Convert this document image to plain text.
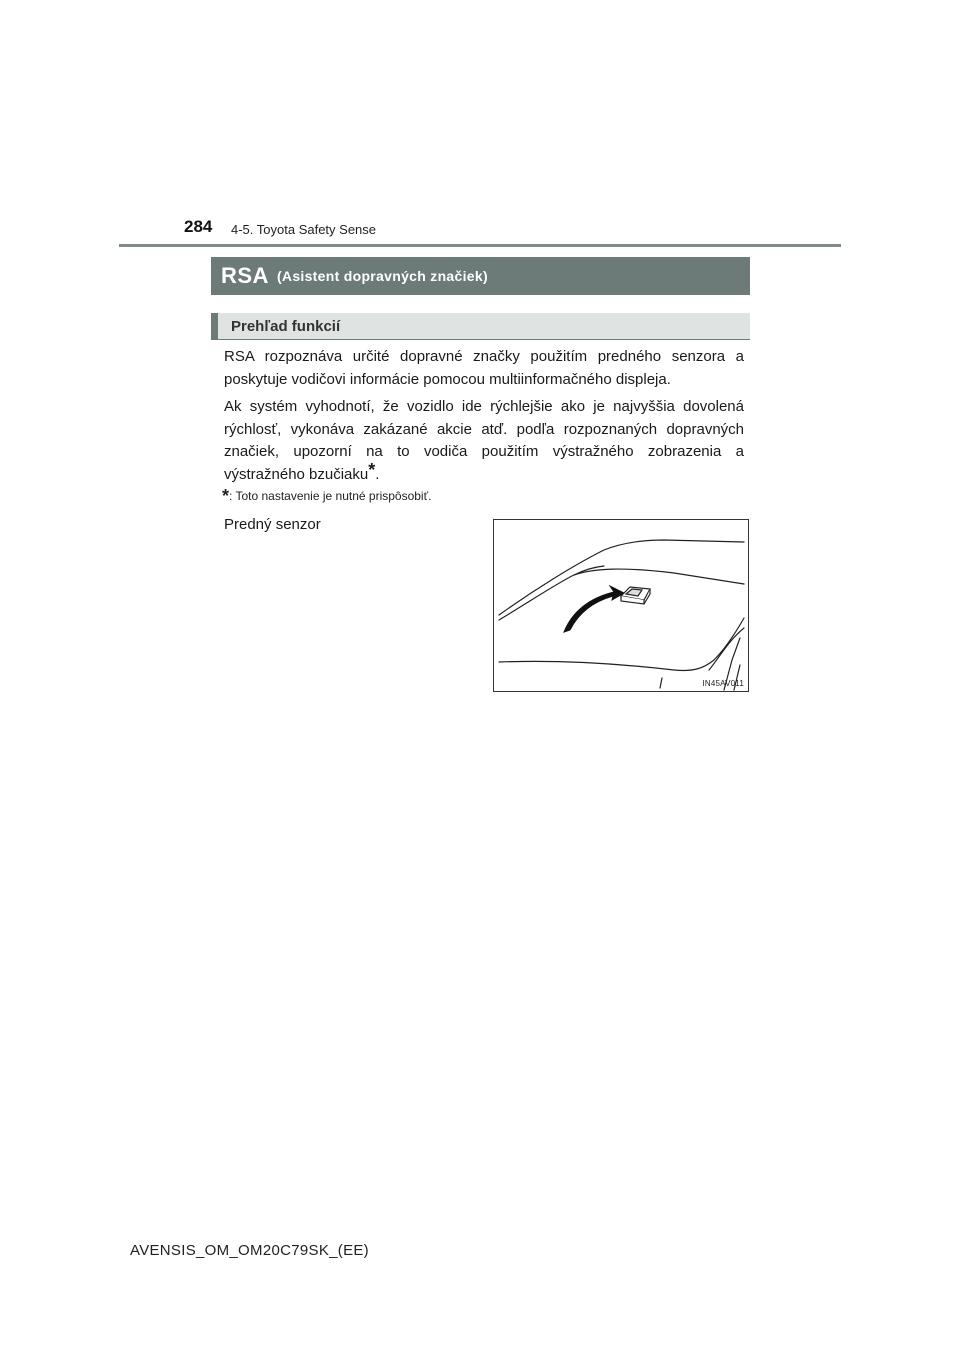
284 4-5. Toyota Safety Sense
RSA (Asistent dopravných značiek)
Prehľad funkcií
RSA rozpoznáva určité dopravné značky použitím predného senzora a poskytuje vodičovi informácie pomocou multiinformačného displeja.
Ak systém vyhodnotí, že vozidlo ide rýchlejšie ako je najvyššia dovolená rýchlosť, vykonáva zakázané akcie atď. podľa rozpoznaných dopravných značiek, upozorní na to vodiča použitím výstražného zobrazenia a výstražného bzučiaku*.
*: Toto nastavenie je nutné prispôsobiť.
Predný senzor
IN45AV011
AVENSIS_OM_OM20C79SK_(EE)
